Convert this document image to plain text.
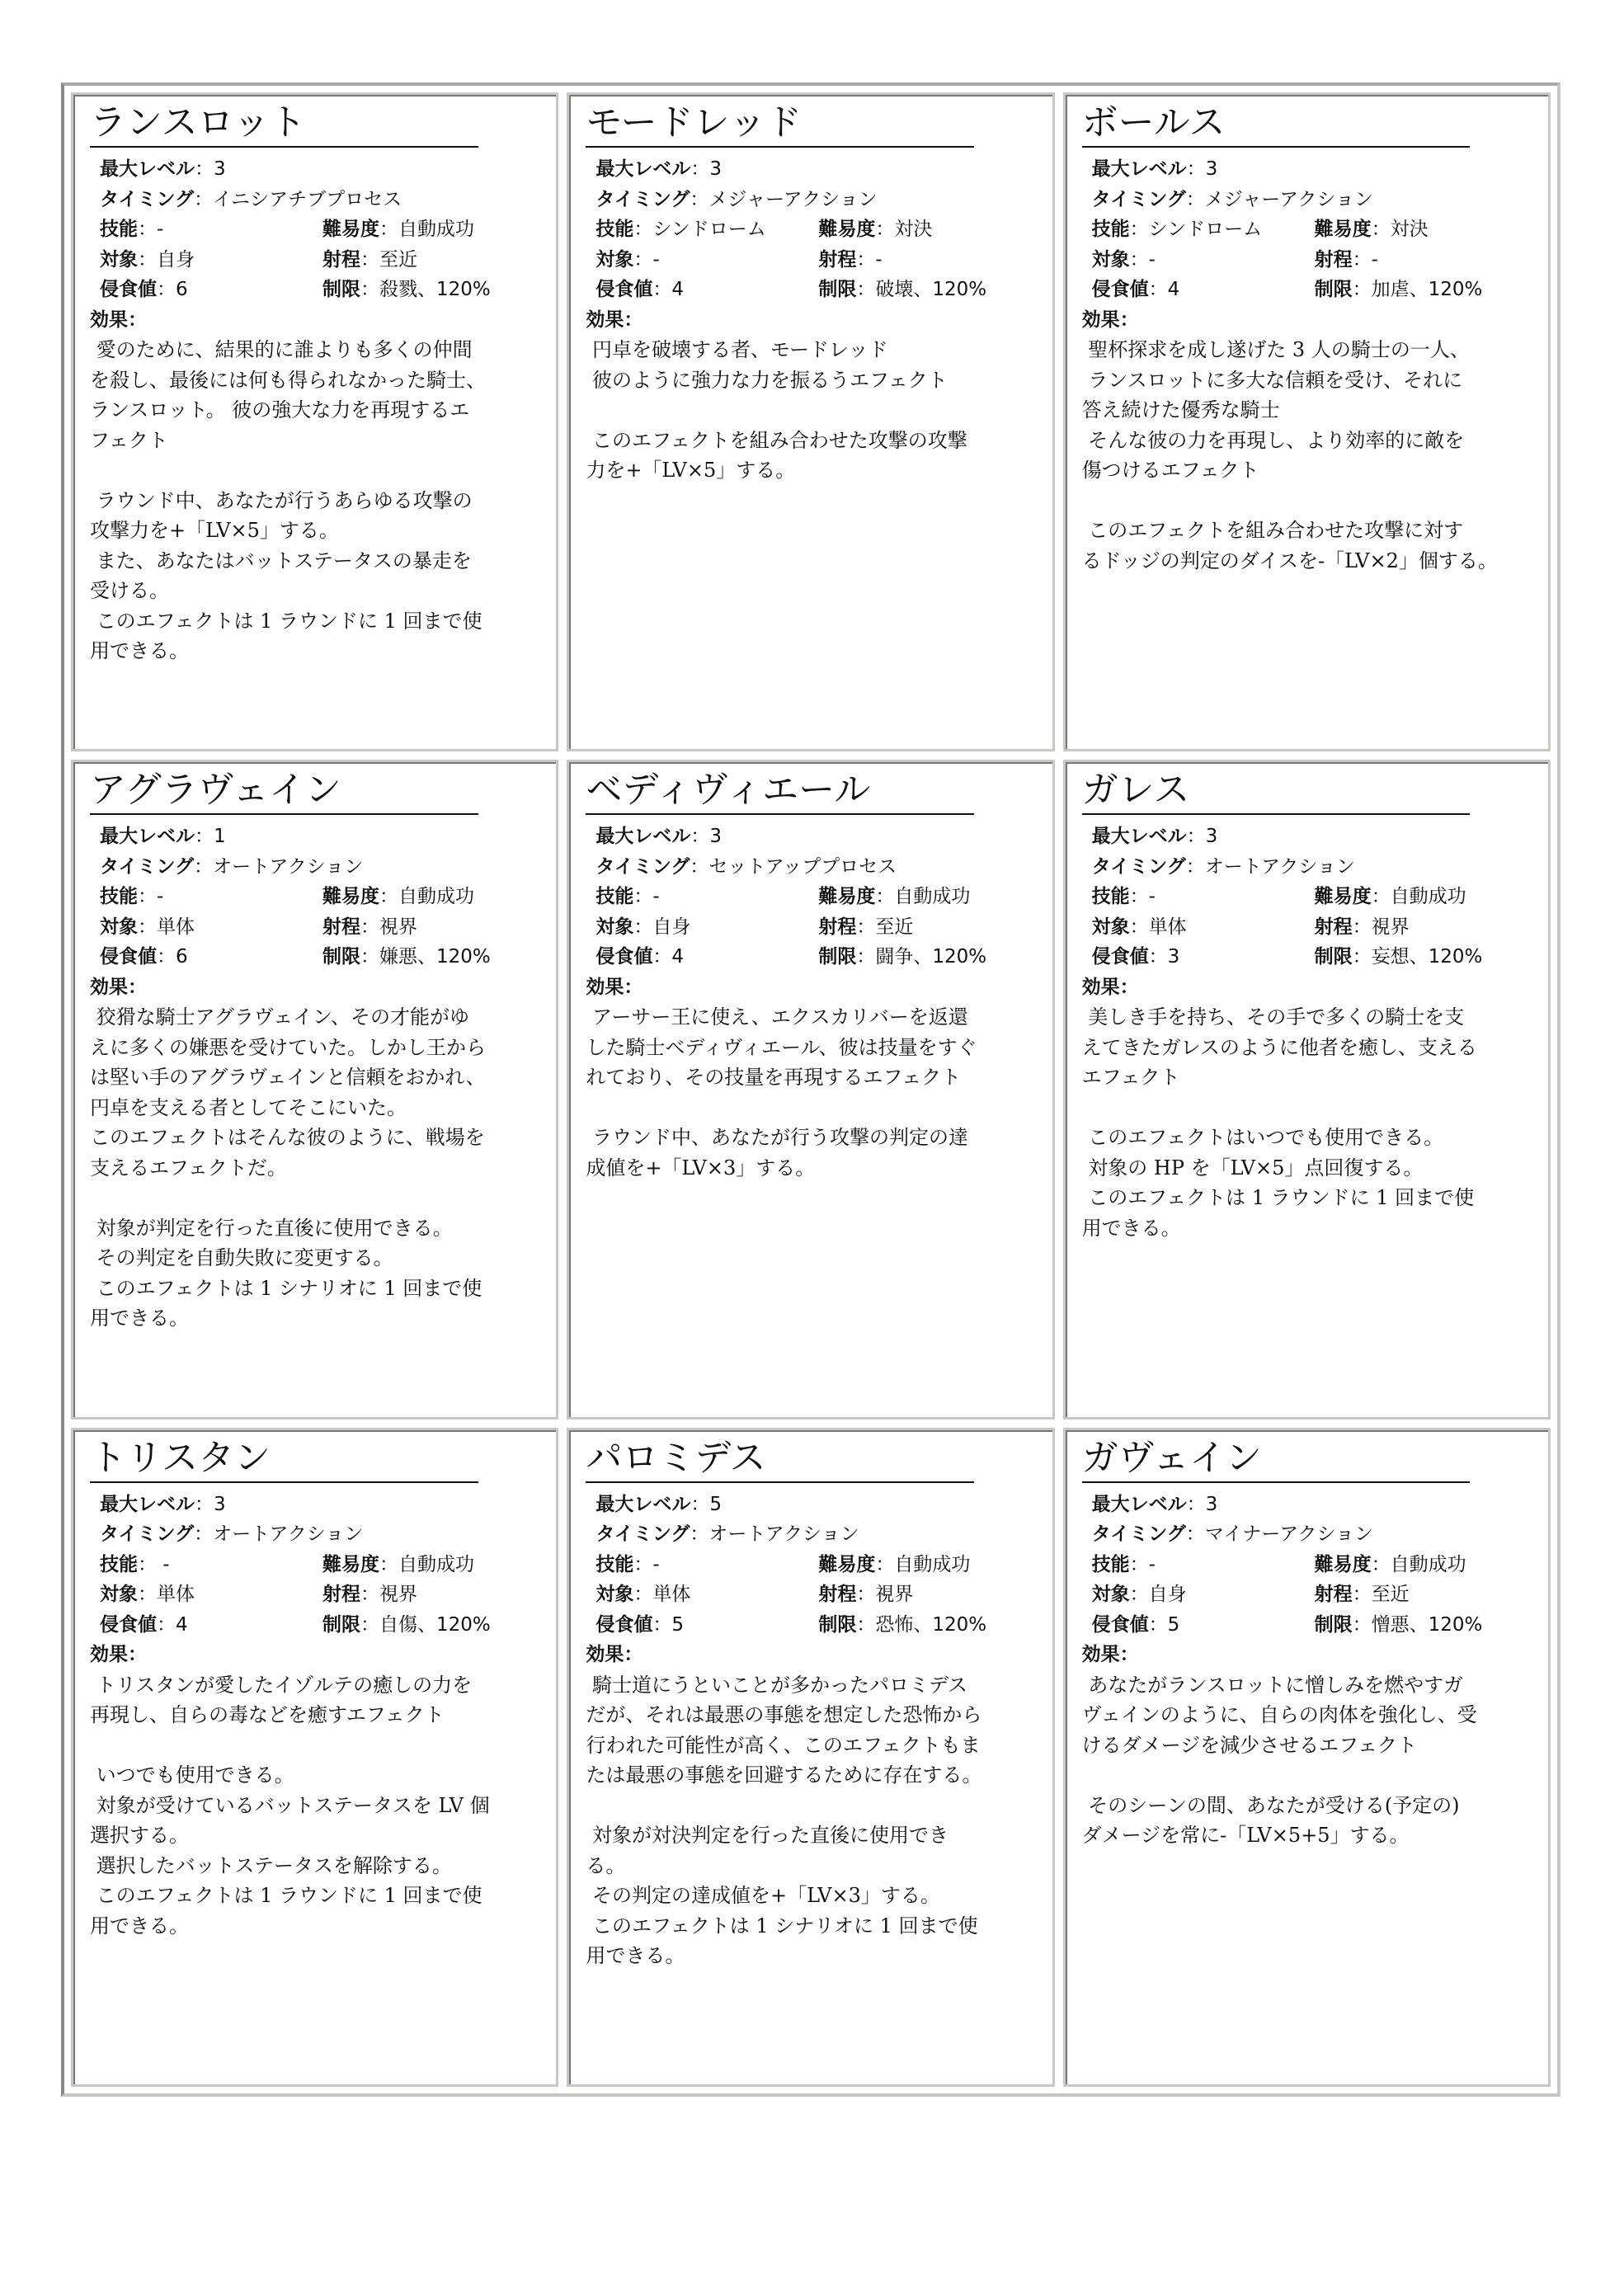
ランスロット
最大レベル ： 3
タイミング ： イニシアチブプロセス
技能：-	難易度：自動成功
対象：自身	射程：至近
侵食値：6	制限：殺戮、120%
効果：
愛のために、結果的に誰よりも多くの仲間
を殺し、最後には何も得られなかった騎士、
ランスロット。 彼の強大な力を再現するエ
フェクト

ラウンド中、あなたが行うあらゆる攻撃の
攻撃力を+「LV×5」する。
また、あなたはバットステータスの暴走を
受ける。
このエフェクトは 1 ラウンドに 1 回まで使
用できる。
モードレッド
最大レベル ： 3
タイミング ： メジャーアクション
技能：シンドローム	難易度：対決
対象：-	射程：-
侵食値：4	制限：破壊、120%
効果：
円卓を破壊する者、モードレッド
彼のように強力な力を振るうエフェクト

このエフェクトを組み合わせた攻撃の攻撃
力を+「LV×5」する。
ボールス
最大レベル ： 3
タイミング ： メジャーアクション
技能：シンドローム	難易度：対決
対象：-	射程：-
侵食値：4	制限：加虐、120%
効果：
聖杯探求を成し遂げた 3 人の騎士の一人、
ランスロットに多大な信頼を受け、それに
答え続けた優秀な騎士
そんな彼の力を再現し、より効率的に敵を
傷つけるエフェクト

このエフェクトを組み合わせた攻撃に対す
るドッジの判定のダイスを-「LV×2」個する。
アグラヴェイン
最大レベル ： 1
タイミング ： オートアクション
技能：-	難易度：自動成功
対象：単体	射程：視界
侵食値：6	制限：嫌悪、120%
効果：
狡猾な騎士アグラヴェイン、その才能がゆ
えに多くの嫌悪を受けていた。しかし王から
は堅い手のアグラヴェインと信頼をおかれ、
円卓を支える者としてそこにいた。
このエフェクトはそんな彼のように、戦場を
支えるエフェクトだ。

対象が判定を行った直後に使用できる。
その判定を自動失敗に変更する。
このエフェクトは 1 シナリオに 1 回まで使
用できる。
ベディヴィエール
最大レベル ： 3
タイミング ： セットアッププロセス
技能：-	難易度：自動成功
対象：自身	射程：至近
侵食値：4	制限：闘争、120%
効果：
アーサー王に使え、エクスカリバーを返還
した騎士ベディヴィエール、彼は技量をすぐ
れており、その技量を再現するエフェクト

ラウンド中、あなたが行う攻撃の判定の達
成値を+「LV×3」する。
ガレス
最大レベル ： 3
タイミング ： オートアクション
技能：-	難易度：自動成功
対象：単体	射程：視界
侵食値：3	制限：妄想、120%
効果：
美しき手を持ち、その手で多くの騎士を支
えてきたガレスのように他者を癒し、支える
エフェクト

このエフェクトはいつでも使用できる。
対象の HP を「LV×5」点回復する。
このエフェクトは 1 ラウンドに 1 回まで使
用できる。
トリスタン
最大レベル ： 3
タイミング ： オートアクション
技能： -	難易度：自動成功
対象：単体	射程：視界
侵食値：4	制限：自傷、120%
効果：
トリスタンが愛したイゾルテの癒しの力を
再現し、自らの毒などを癒すエフェクト

いつでも使用できる。
対象が受けているバットステータスを LV 個
選択する。
選択したバットステータスを解除する。
このエフェクトは 1 ラウンドに 1 回まで使
用できる。
パロミデス
最大レベル ： 5
タイミング ： オートアクション
技能：-	難易度：自動成功
対象：単体	射程：視界
侵食値：5	制限：恐怖、120%
効果：
騎士道にうといことが多かったパロミデス
だが、それは最悪の事態を想定した恐怖から
行われた可能性が高く、このエフェクトもま
たは最悪の事態を回避するために存在する。

対象が対決判定を行った直後に使用でき
る。
その判定の達成値を+「LV×3」する。
このエフェクトは 1 シナリオに 1 回まで使
用できる。
ガヴェイン
最大レベル ： 3
タイミング ： マイナーアクション
技能：-	難易度：自動成功
対象：自身	射程：至近
侵食値：5	制限：憎悪、120%
効果：
あなたがランスロットに憎しみを燃やすガ
ヴェインのように、自らの肉体を強化し、受
けるダメージを減少させるエフェクト

そのシーンの間、あなたが受ける(予定の)
ダメージを常に-「LV×5+5」する。
